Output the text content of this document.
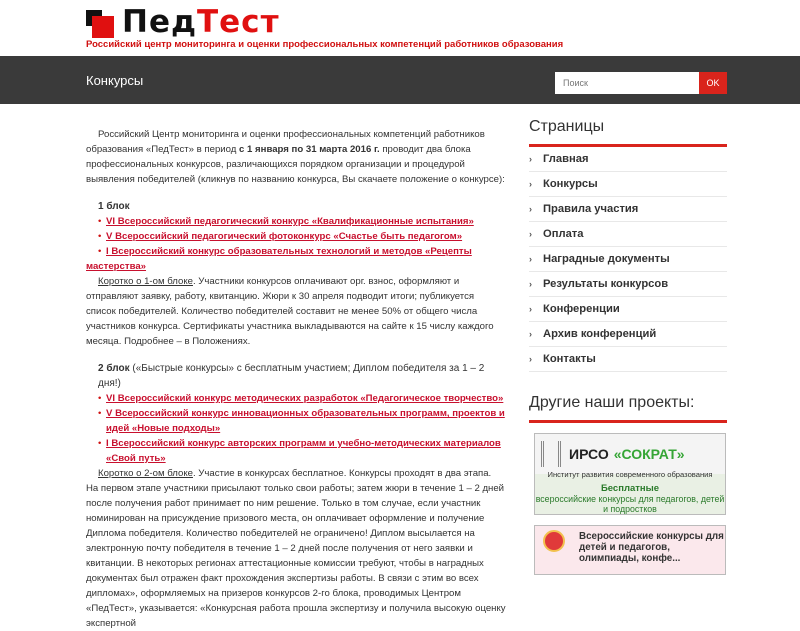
ПедТест
Российский центр мониторинга и оценки профессиональных компетенций работников образования
Конкурсы
Поиск	OK

Российский Центр мониторинга и оценки профессиональных компетенций работников образования «ПедТест» в период с 1 января по 31 марта 2016 г. проводит два блока профессиональных конкурсов, различающихся порядком организации и процедурой выявления победителей (кликнув по названию конкурса, Вы скачаете положение о конкурсе):

1 блок
• VI Всероссийский педагогический конкурс «Квалификационные испытания»
• V Всероссийский педагогический фотоконкурс «Счастье быть педагогом»
• I Всероссийский конкурс образовательных технологий и методов «Рецепты мастерства»

Коротко о 1-ом блоке. Участники конкурсов оплачивают орг. взнос, оформляют и отправляют заявку, работу, квитанцию. Жюри к 30 апреля подводит итоги; публикуется список победителей. Количество победителей составит не менее 50% от общего числа участников конкурса. Сертификаты участника выкладываются на сайте к 15 числу каждого месяца. Подробнее – в Положениях.

2 блок («Быстрые конкурсы» с бесплатным участием; Диплом победителя за 1 – 2 дня!)
• VI Всероссийский конкурс методических разработок «Педагогическое творчество»
• V Всероссийский конкурс инновационных образовательных программ, проектов и идей «Новые подходы»
• I Всероссийский конкурс авторских программ и учебно-методических материалов «Свой путь»

Коротко о 2-ом блоке. Участие в конкурсах бесплатное. Конкурсы проходят в два этапа. На первом этапе участники присылают только свои работы; затем жюри в течение 1 – 2 дней после получения работ принимает по ним решение. Только в том случае, если участник номинирован на присуждение призового места, он оплачивает оформление и получение Диплома победителя. Количество победителей не ограничено! Диплом высылается на электронную почту победителя в течение 1 – 2 дней после получения от него заявки и квитанции. В некоторых регионах аттестационные комиссии требуют, чтобы в наградных документах был отражен факт прохождения экспертизы работы. В связи с этим во всех дипломах», оформляемых на призеров конкурсов 2-го блока, проводимых Центром «ПедТест», указывается: «Конкурсная работа прошла экспертизу и получила высокую оценку экспертной

Страницы
› Главная
› Конкурсы
› Правила участия
› Оплата
› Наградные документы
› Результаты конкурсов
› Конференции
› Архив конференций
› Контакты
Другие наши проекты:
ИРСО «СОКРАТ»
Институт развития современного образования
Бесплатные
всероссийские конкурсы для педагогов, детей и подростков
Всероссийские конкурсы для детей и педагогов, олимпиады, конфе...
